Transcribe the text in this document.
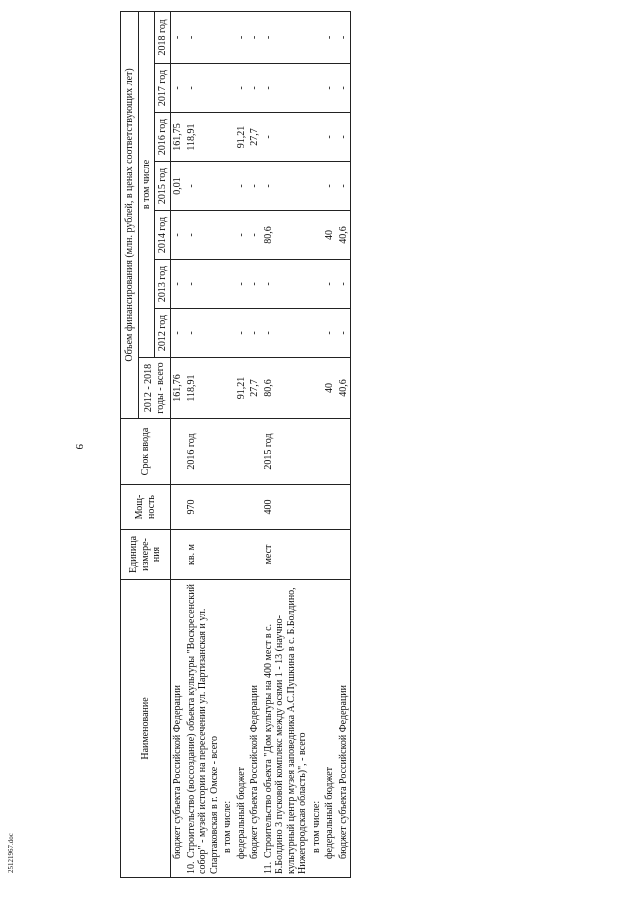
9
Наименование	Единица измере- ния	Мощ- ность	Срок ввода	Объем финансирования (млн. рублей, в ценах соответствующих лет)							
				2012 - 2018 годы - всего	в том числе						
					2012 год	2013 год	2014 год	2015 год	2016 год	2017 год	2018 год
бюджет субъекта Российской Федерации				161,76	-	-	-	0,01	161,75	-	-
10.Строительство (воссоздание) объекта культуры "Воскресенский собор" - музей истории на пересечении ул. Партизанская и ул. Спартаковская в г. Омске - всего	кв. м	970	2016 год	118,91	-	-	-	-	118,91	-	-
в том числе:											
федеральный бюджет				91,21	-	-	-	-	91,21	-	-
бюджет субъекта Российской Федерации				27,7	-	-	-	-	27,7	-	-
11.Строительство объекта "Дом культуры на 400 мест в с. Б.Болдино 3 пусковой комплекс между осями 1 - 13 (научно-культурный центр музея заповедника А.С.Пушкина в с. Б.Болдино, Нижегородская область)", - всего	мест	400	2015 год	80,6	-	-	80,6	-	-	-	-
в том числе:											
федеральный бюджет				40	-	-	40	-	-	-	-
бюджет субъекта Российской Федерации				40,6	-	-	40,6	-	-	-	-
25121967.doc
